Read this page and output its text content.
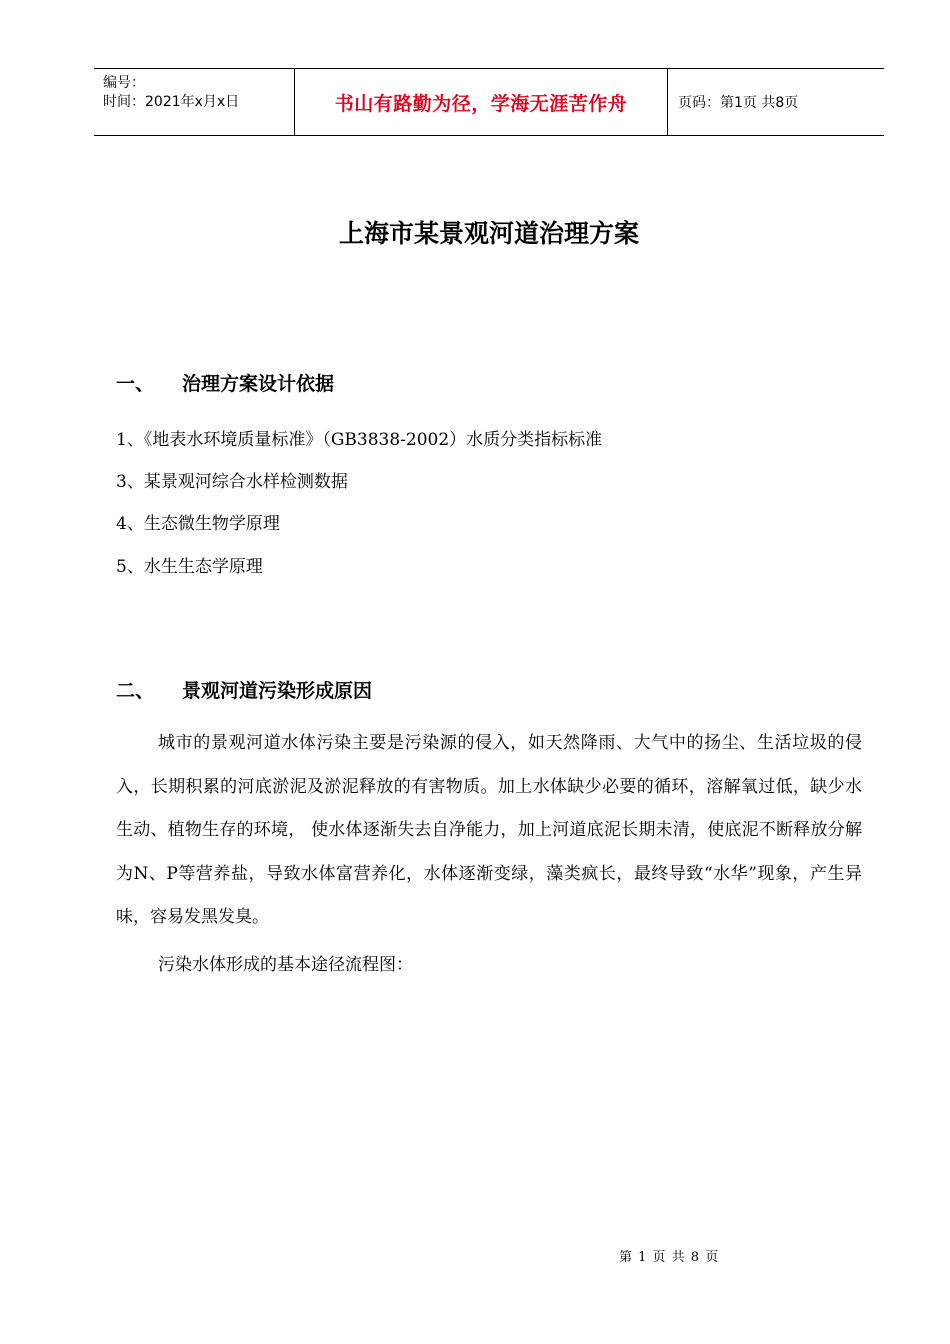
编号：
时间：2021年x月x日	书山有路勤为径，学海无涯苦作舟	页码：第1页 共8页
上海市某景观河道治理方案
一、 治理方案设计依据
1、《地表水环境质量标准》（GB3838-2002）水质分类指标标准
3、某景观河综合水样检测数据
4、生态微生物学原理
5、水生生态学原理
二、 景观河道污染形成原因
城市的景观河道水体污染主要是污染源的侵入，如天然降雨、大气中的扬尘、生活垃圾的侵入，长期积累的河底淤泥及淤泥释放的有害物质。加上水体缺少必要的循环，溶解氧过低，缺少水生动、植物生存的环境， 使水体逐渐失去自净能力，加上河道底泥长期未清，使底泥不断释放分解为N、P等营养盐，导致水体富营养化，水体逐渐变绿，藻类疯长，最终导致“水华”现象，产生异味，容易发黑发臭。
污染水体形成的基本途径流程图：
第 1 页 共 8 页
